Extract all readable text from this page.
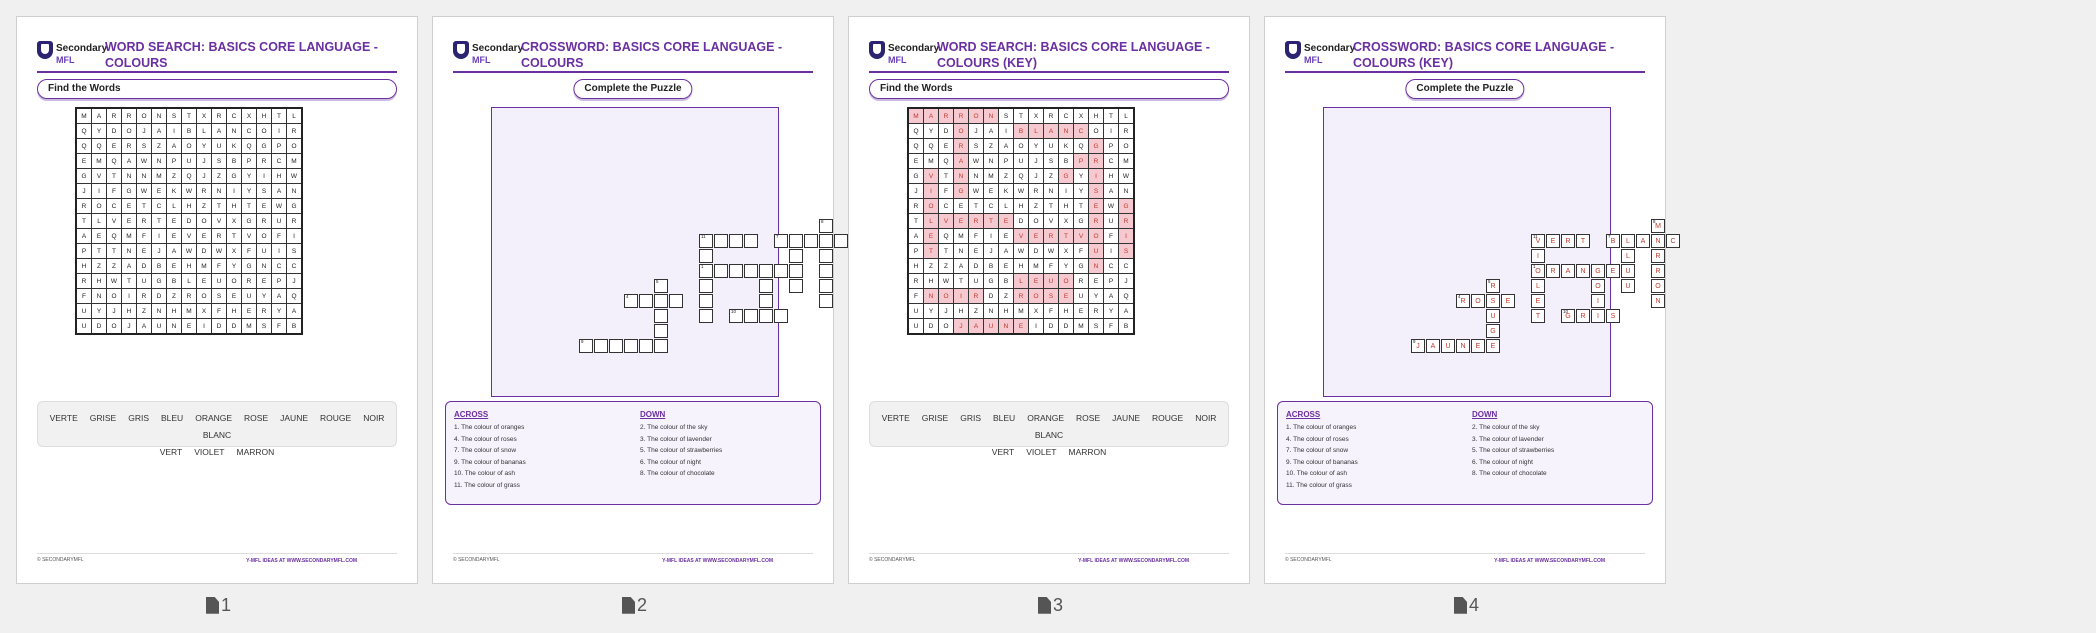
Secondary
MFL
WORD SEARCH: BASICS CORE LANGUAGE - COLOURS
Find the Words
M	A	R	R	O	N	S	T	X	R	C	X	H	T	L
Q	Y	D	O	J	A	I	B	L	A	N	C	O	I	R
Q	Q	E	R	S	Z	A	O	Y	U	K	Q	G	P	O
E	M	Q	A	W	N	P	U	J	S	B	P	R	C	M
G	V	T	N	N	M	Z	Q	J	Z	G	Y	I	H	W
J	I	F	G	W	E	K	W	R	N	I	Y	S	A	N
R	O	C	E	T	C	L	H	Z	T	H	T	E	W	G
T	L	V	E	R	T	E	D	O	V	X	G	R	U	R
A	E	Q	M	F	I	E	V	E	R	T	V	O	F	I
P	T	T	N	E	J	A	W	D	W	X	F	U	I	S
H	Z	Z	A	D	B	E	H	M	F	Y	G	N	C	C
R	H	W	T	U	G	B	L	E	U	O	R	E	P	J
F	N	O	I	R	D	Z	R	O	S	E	U	Y	A	Q
U	Y	J	H	Z	N	H	M	X	F	H	E	R	Y	A
U	D	O	J	A	U	N	E	I	D	D	M	S	F	B
VERTE GRISE GRIS BLEU ORANGE ROSE JAUNE ROUGE NOIRBLANC
VERT VIOLET MARRON
© SECONDARYMFL	Y-MFL IDEAS AT WWW.SECONDARYMFL.COM
Secondary
MFL
CROSSWORD: BASICS CORE LANGUAGE - COLOURS
Complete the Puzzle
8
11	7
1
5
4
10
9
ACROSS
1. The colour of oranges
4. The colour of roses
7. The colour of snow
9. The colour of bananas
10. The colour of ash
11. The colour of grass
DOWN
2. The colour of the sky
3. The colour of lavender
5. The colour of strawberries
6. The colour of night
8. The colour of chocolate
© SECONDARYMFL	Y-MFL IDEAS AT WWW.SECONDARYMFL.COM
Secondary
MFL
WORD SEARCH: BASICS CORE LANGUAGE - COLOURS (KEY)
Find the Words
M	A	R	R	O	N	S	T	X	R	C	X	H	T	L
Q	Y	D	O	J	A	I	B	L	A	N	C	O	I	R
Q	Q	E	R	S	Z	A	O	Y	U	K	Q	G	P	O
E	M	Q	A	W	N	P	U	J	S	B	P	R	C	M
G	V	T	N	N	M	Z	Q	J	Z	G	Y	I	H	W
J	I	F	G	W	E	K	W	R	N	I	Y	S	A	N
R	O	C	E	T	C	L	H	Z	T	H	T	E	W	G
T	L	V	E	R	T	E	D	O	V	X	G	R	U	R
A	E	Q	M	F	I	E	V	E	R	T	V	O	F	I
P	T	T	N	E	J	A	W	D	W	X	F	U	I	S
H	Z	Z	A	D	B	E	H	M	F	Y	G	N	C	C
R	H	W	T	U	G	B	L	E	U	O	R	E	P	J
F	N	O	I	R	D	Z	R	O	S	E	U	Y	A	Q
U	Y	J	H	Z	N	H	M	X	F	H	E	R	Y	A
U	D	O	J	A	U	N	E	I	D	D	M	S	F	B
VERTE GRISE GRIS BLEU ORANGE ROSE JAUNE ROUGE NOIRBLANC
VERT VIOLET MARRON
© SECONDARYMFL	Y-MFL IDEAS AT WWW.SECONDARYMFL.COM
Secondary
MFL
CROSSWORD: BASICS CORE LANGUAGE - COLOURS (KEY)
Complete the Puzzle
8
M
11
V	E	R	T
7
B	L	A	N	C
I	L	R
1
O	R	A	N	G	E	U	R
5
R	L	O	U	O
4
R	O	S	E	E	I	N
U	T
10
G	R	I	S
G
9
J	A	U	N	E	E
ACROSS
1. The colour of oranges
4. The colour of roses
7. The colour of snow
9. The colour of bananas
10. The colour of ash
11. The colour of grass
DOWN
2. The colour of the sky
3. The colour of lavender
5. The colour of strawberries
6. The colour of night
8. The colour of chocolate
© SECONDARYMFL	Y-MFL IDEAS AT WWW.SECONDARYMFL.COM
1	2	3	4
